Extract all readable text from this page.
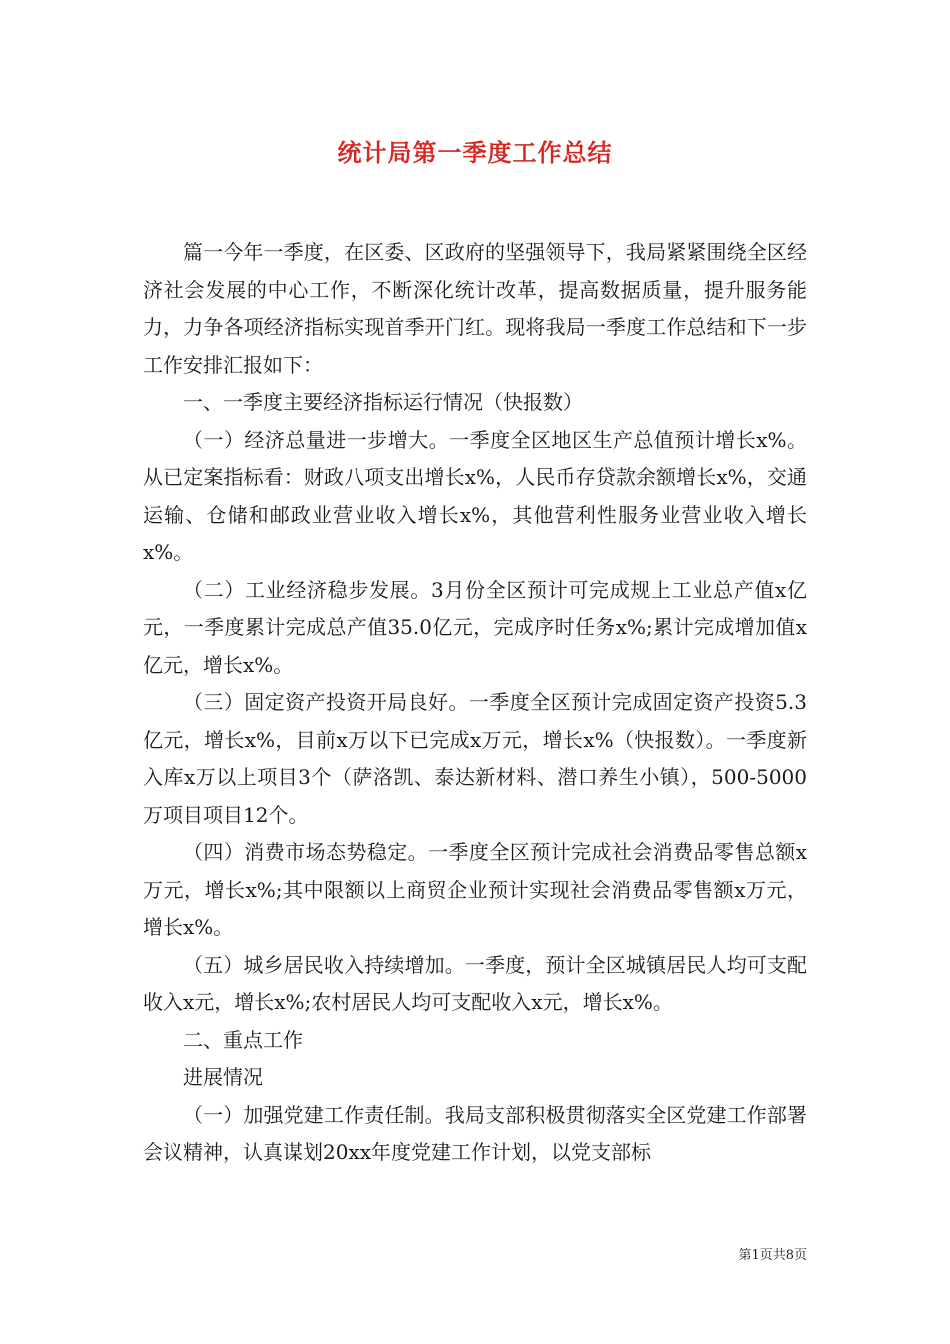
统计局第一季度工作总结

篇一今年一季度，在区委、区政府的坚强领导下，我局紧紧围绕全区经济社会发展的中心工作，不断深化统计改革，提高数据质量，提升服务能力，力争各项经济指标实现首季开门红。现将我局一季度工作总结和下一步工作安排汇报如下：

一、一季度主要经济指标运行情况（快报数）

（一）经济总量进一步增大。一季度全区地区生产总值预计增长x%。从已定案指标看：财政八项支出增长x%，人民币存贷款余额增长x%，交通运输、仓储和邮政业营业收入增长x%，其他营利性服务业营业收入增长x%。

（二）工业经济稳步发展。3月份全区预计可完成规上工业总产值x亿元，一季度累计完成总产值35.0亿元，完成序时任务x%;累计完成增加值x亿元，增长x%。

（三）固定资产投资开局良好。一季度全区预计完成固定资产投资5.3亿元，增长x%，目前x万以下已完成x万元，增长x%（快报数）。一季度新入库x万以上项目3个（萨洛凯、泰达新材料、潜口养生小镇），500-5000万项目项目12个。

（四）消费市场态势稳定。一季度全区预计完成社会消费品零售总额x万元，增长x%;其中限额以上商贸企业预计实现社会消费品零售额x万元，增长x%。

（五）城乡居民收入持续增加。一季度，预计全区城镇居民人均可支配收入x元，增长x%;农村居民人均可支配收入x元，增长x%。

二、重点工作

进展情况

（一）加强党建工作责任制。我局支部积极贯彻落实全区党建工作部署会议精神，认真谋划20xx年度党建工作计划，以党支部标

第1页共8页
